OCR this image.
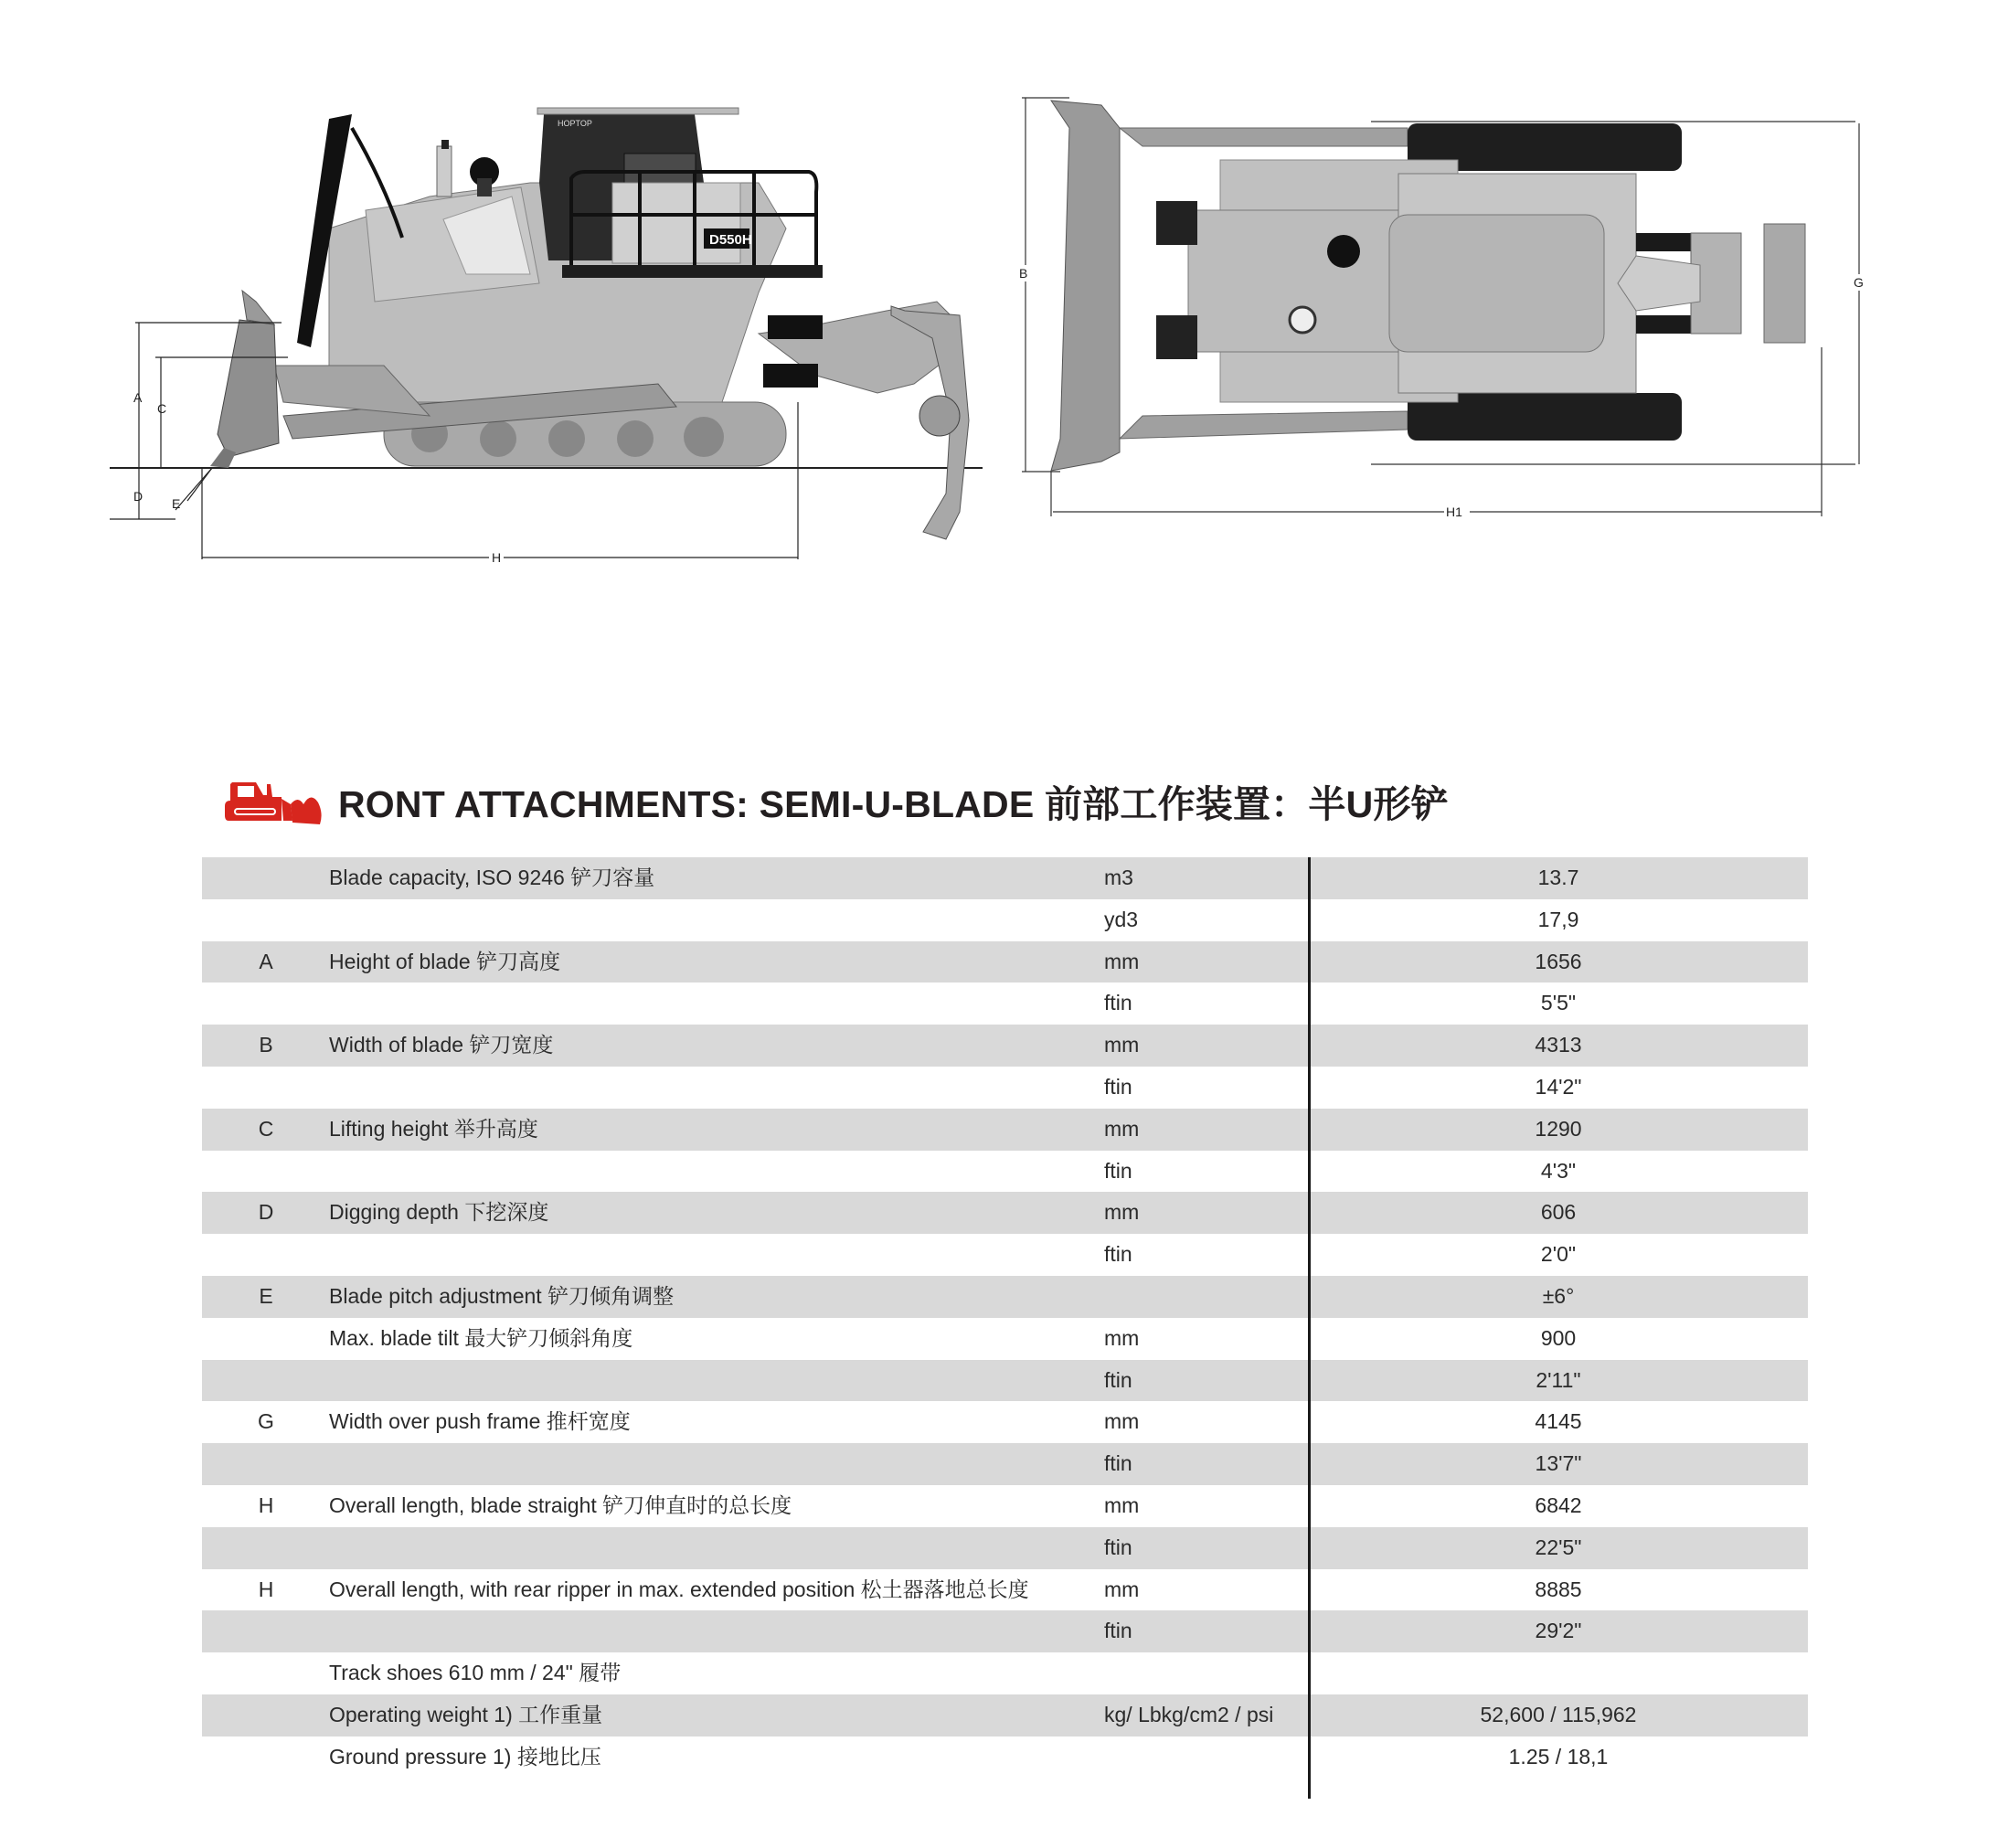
HOPTOP
D550H
A
C
D E
H
B
G
H1
RONT ATTACHMENTS: SEMI-U-BLADE 前部工作装置：半U形铲
Blade capacity, ISO 9246 铲刀容量	m3	13.7
yd3	17,9
A	Height of blade 铲刀高度	mm	1656
ftin	5'5"
B	Width of blade 铲刀宽度	mm	4313
ftin	14'2"
C	Lifting height 举升高度	mm	1290
ftin	4'3"
D	Digging depth 下挖深度	mm	606
ftin	2'0"
E	Blade pitch adjustment 铲刀倾角调整	±6°
Max. blade tilt 最大铲刀倾斜角度	mm	900
ftin	2'11"
G	Width over push frame 推杆宽度	mm	4145
ftin	13'7"
H	Overall length, blade straight 铲刀伸直时的总长度	mm	6842
ftin	22'5"
H	Overall length, with rear ripper in max. extended position 松土器落地总长度	mm	8885
ftin	29'2"
Track shoes 610 mm / 24" 履带
Operating weight 1) 工作重量	kg/ Lbkg/cm2 / psi	52,600 / 115,962
Ground pressure 1) 接地比压	1.25 / 18,1
